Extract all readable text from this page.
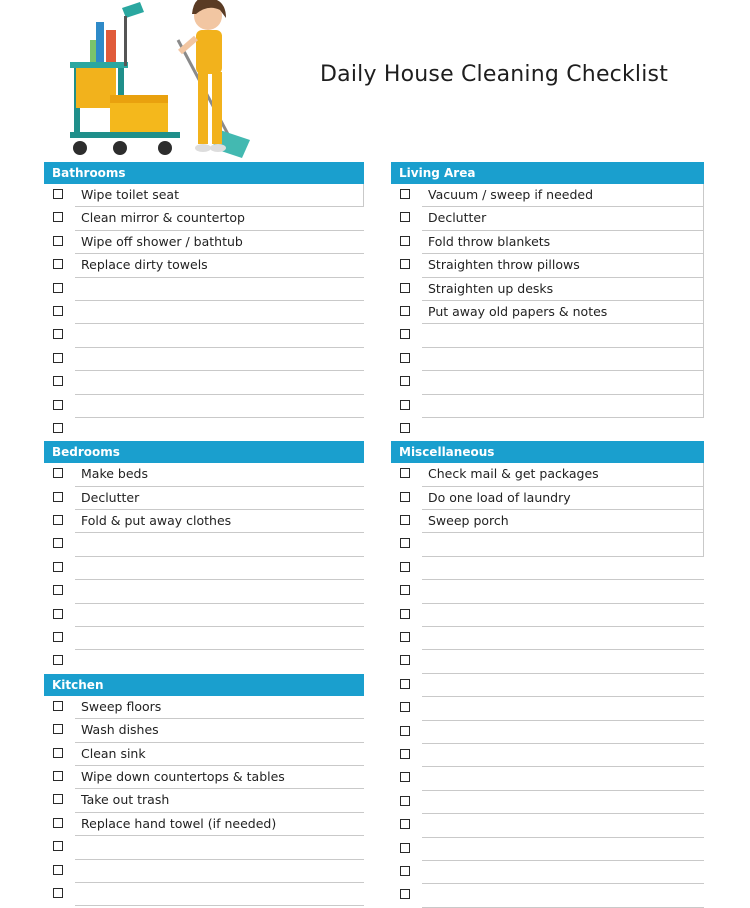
Daily House Cleaning Checklist
Bathrooms
Wipe toilet seat
Clean mirror & countertop
Wipe off shower / bathtub
Replace dirty towels
Bedrooms
Make beds
Declutter
Fold & put away clothes
Kitchen
Sweep floors
Wash dishes
Clean sink
Wipe down countertops & tables
Take out trash
Replace hand towel (if needed)
Living Area
Vacuum / sweep if needed
Declutter
Fold throw blankets
Straighten throw pillows
Straighten up desks
Put away old papers & notes
Miscellaneous
Check mail & get packages
Do one load of laundry
Sweep porch
